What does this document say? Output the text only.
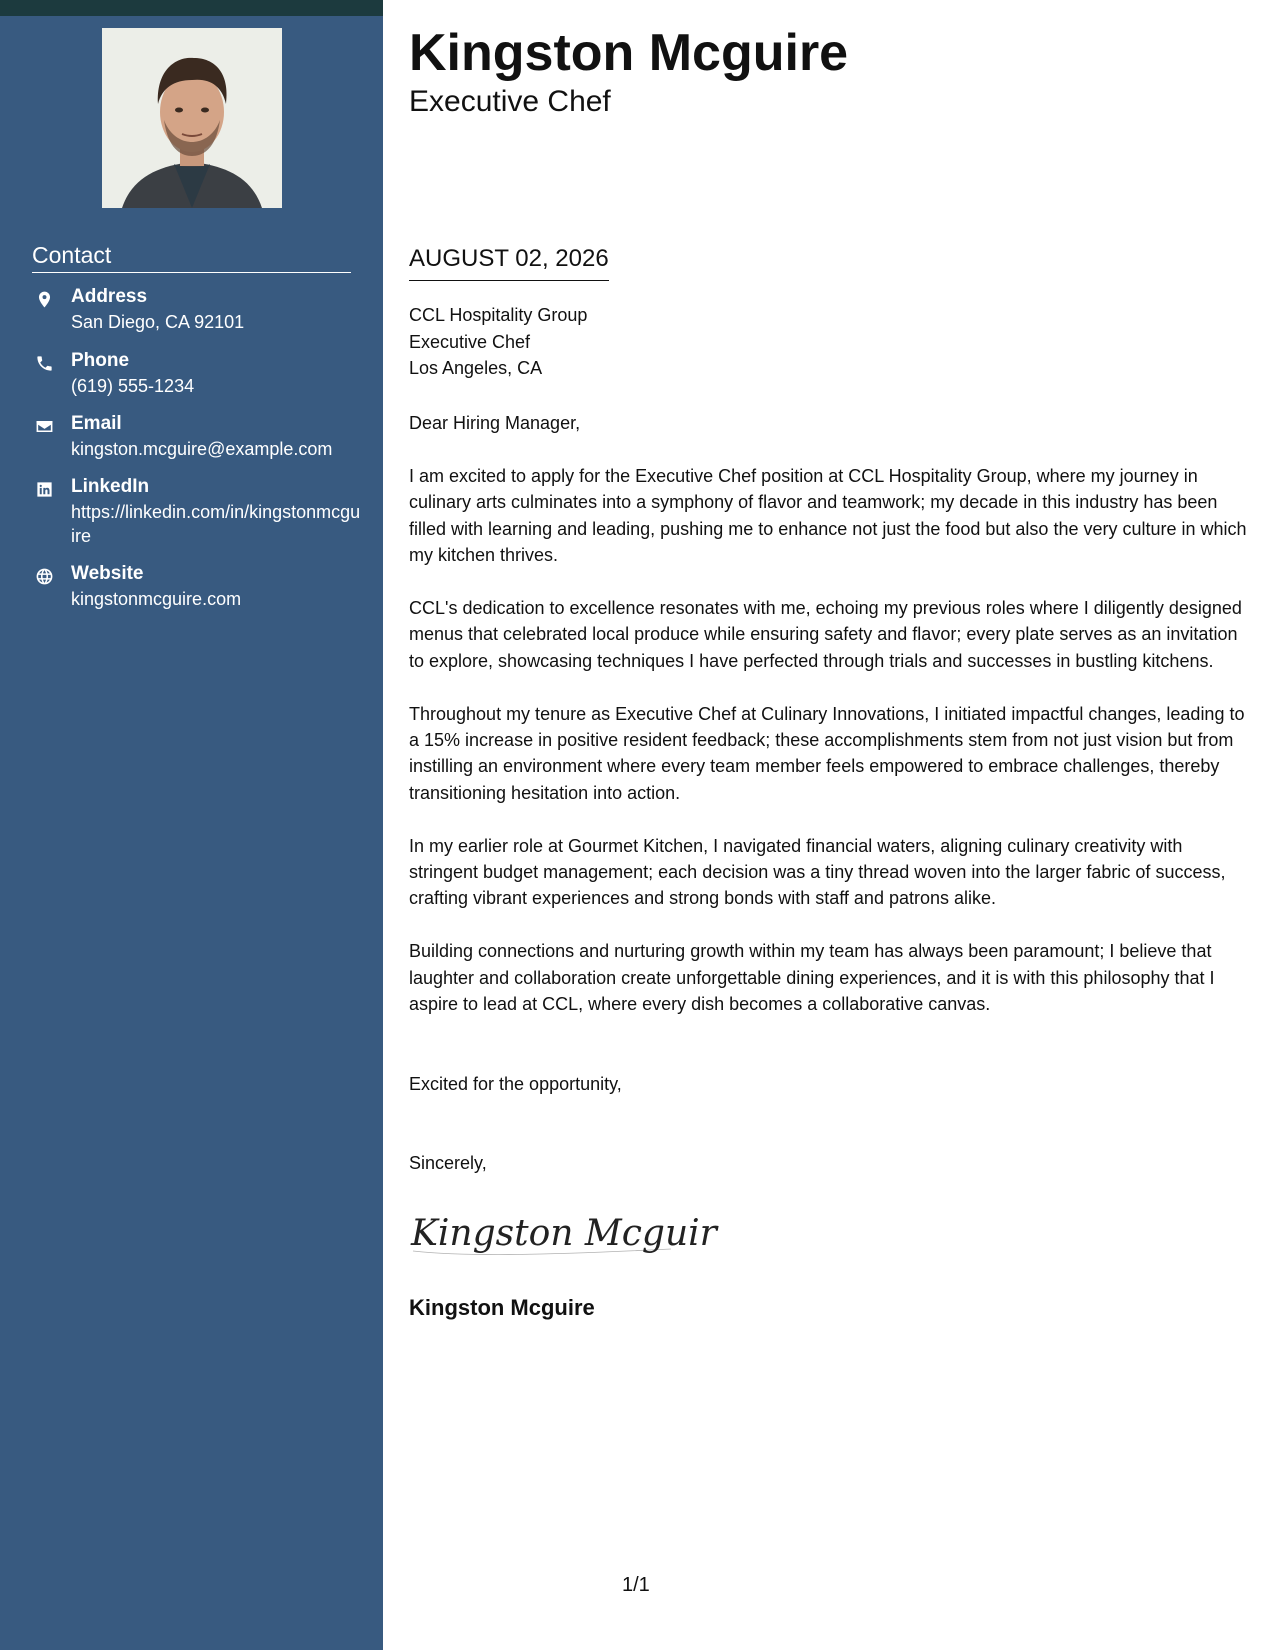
Contact
Address
San Diego, CA 92101
Phone
(619) 555-1234
Email
kingston.mcguire@example.com
LinkedIn
https://linkedin.com/in/kingstonmcguire
Website
kingstonmcguire.com
Kingston Mcguire
Executive Chef
AUGUST 02, 2026
CCL Hospitality Group
Executive Chef
Los Angeles, CA
Dear Hiring Manager,

I am excited to apply for the Executive Chef position at CCL Hospitality Group, where my journey in culinary arts culminates into a symphony of flavor and teamwork; my decade in this industry has been filled with learning and leading, pushing me to enhance not just the food but also the very culture in which my kitchen thrives.

CCL's dedication to excellence resonates with me, echoing my previous roles where I diligently designed menus that celebrated local produce while ensuring safety and flavor; every plate serves as an invitation to explore, showcasing techniques I have perfected through trials and successes in bustling kitchens.

Throughout my tenure as Executive Chef at Culinary Innovations, I initiated impactful changes, leading to a 15% increase in positive resident feedback; these accomplishments stem from not just vision but from instilling an environment where every team member feels empowered to embrace challenges, thereby transitioning hesitation into action.

In my earlier role at Gourmet Kitchen, I navigated financial waters, aligning culinary creativity with stringent budget management; each decision was a tiny thread woven into the larger fabric of success, crafting vibrant experiences and strong bonds with staff and patrons alike.

Building connections and nurturing growth within my team has always been paramount; I believe that laughter and collaboration create unforgettable dining experiences, and it is with this philosophy that I aspire to lead at CCL, where every dish becomes a collaborative canvas.

Excited for the opportunity,
Sincerely,
Kingston Mcguir
Kingston Mcguire
1/1
